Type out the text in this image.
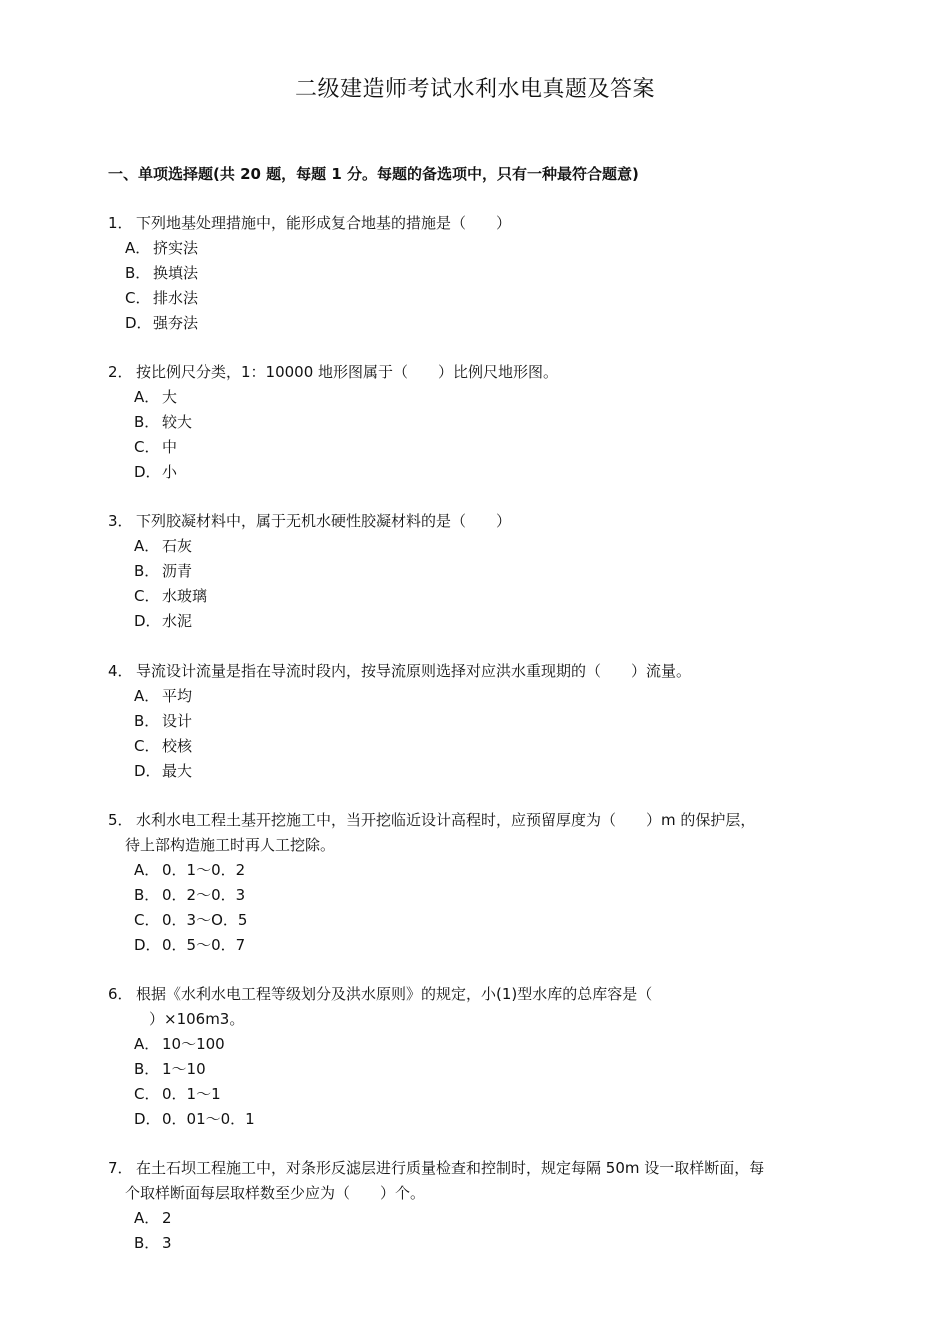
二级建造师考试水利水电真题及答案
一、单项选择题(共 20 题，每题 1 分。每题的备选项中，只有一种最符合题意)

1． 下列地基处理措施中，能形成复合地基的措施是（　　）

A． 挤实法
B． 换填法
C． 排水法
D．强夯法

2． 按比例尺分类，1：10000 地形图属于（　　）比例尺地形图。

A． 大
B． 较大
C． 中
D．小

3． 下列胶凝材料中，属于无机水硬性胶凝材料的是（　　）

A． 石灰
B． 沥青
C． 水玻璃
D．水泥

4． 导流设计流量是指在导流时段内，按导流原则选择对应洪水重现期的（　　）流量。

A． 平均
B． 设计
C． 校核
D．最大

5． 水利水电工程土基开挖施工中，当开挖临近设计高程时，应预留厚度为（　　）m 的保护层，
待上部构造施工时再人工挖除。

A． 0．1～0．2
B． 0．2～0．3
C． 0．3～O．5
D．0．5～0．7

6． 根据《水利水电工程等级划分及洪水原则》的规定，小(1)型水库的总库容是（
　）×106m3。

A． 10～100
B． 1～10
C． 0．1～1
D．0．01～0．1

7． 在土石坝工程施工中，对条形反滤层进行质量检查和控制时，规定每隔 50m 设一取样断面，每
个取样断面每层取样数至少应为（　　）个。

A． 2
B． 3
